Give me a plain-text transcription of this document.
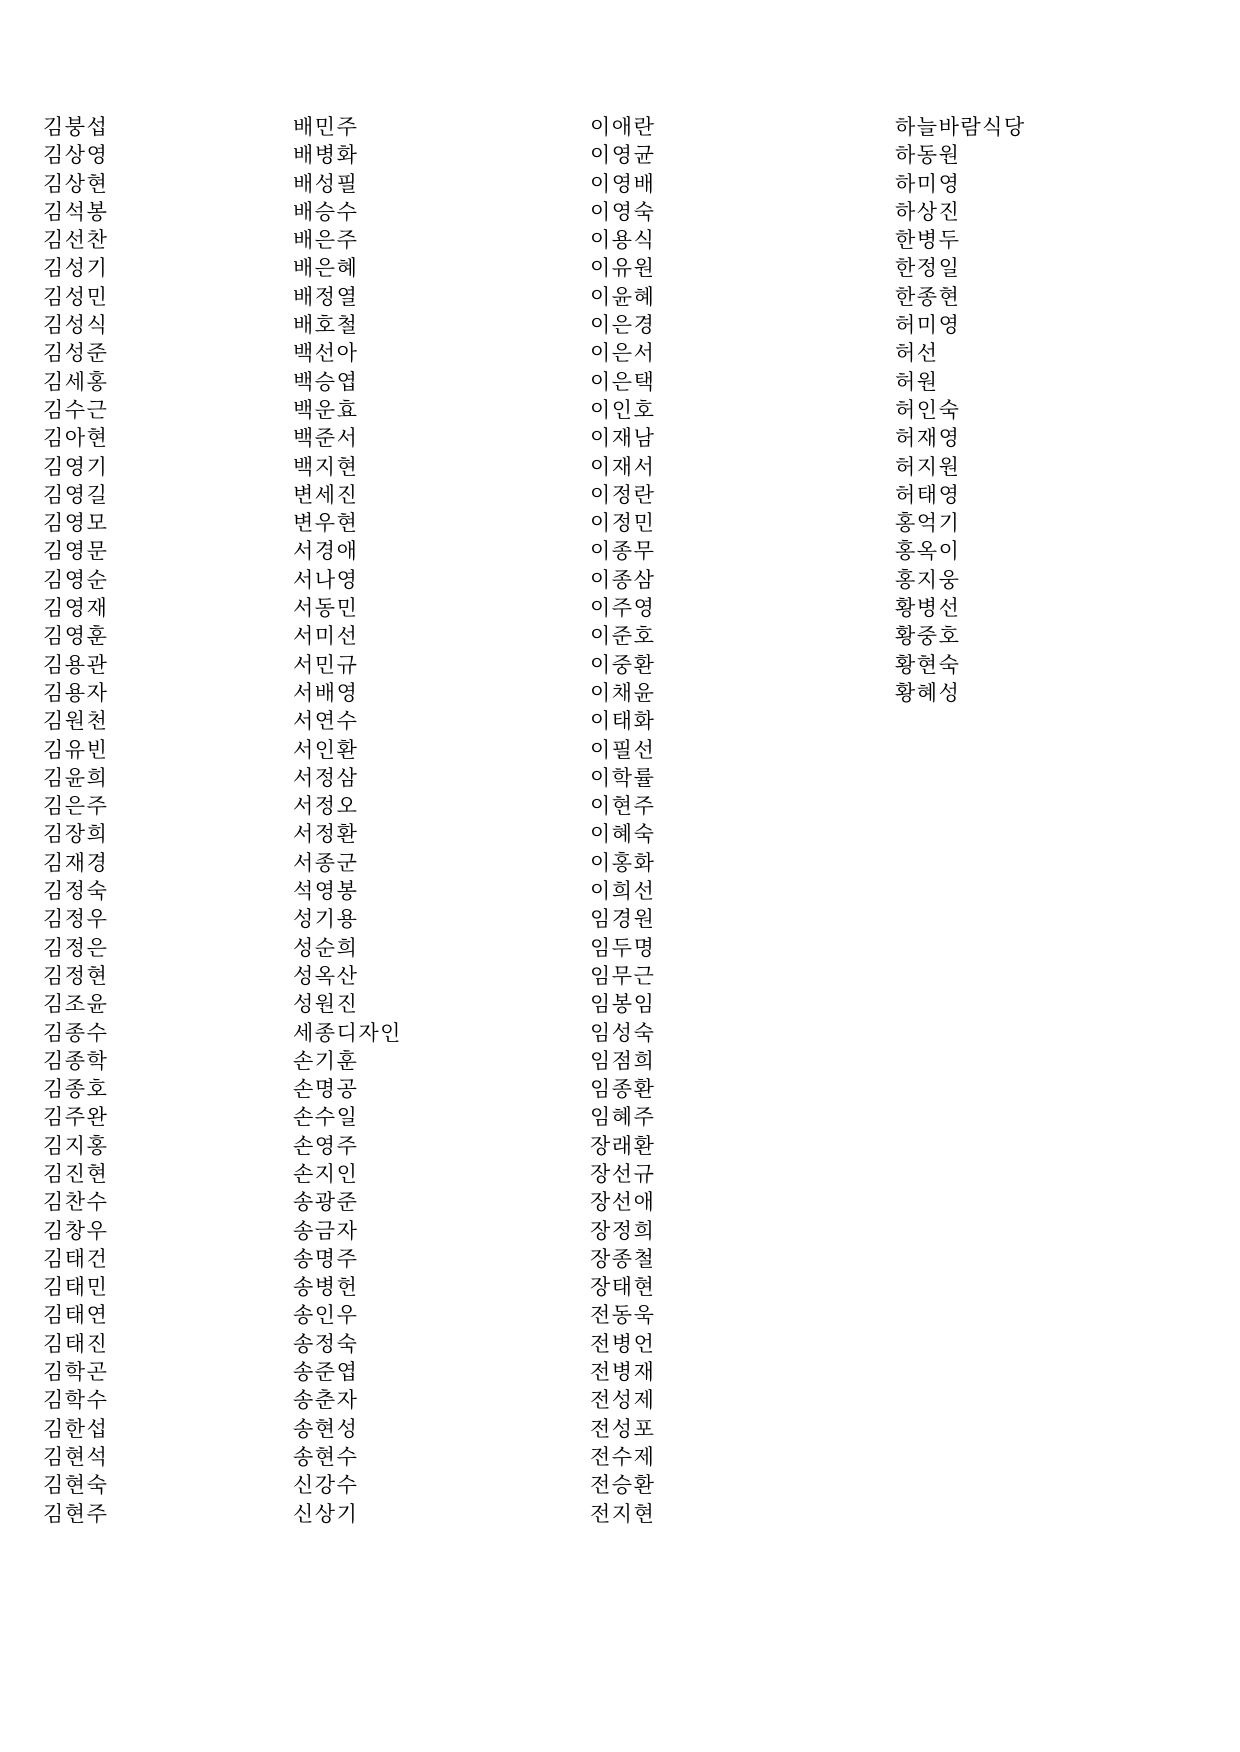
김붕섭
김상영
김상현
김석봉
김선찬
김성기
김성민
김성식
김성준
김세홍
김수근
김아현
김영기
김영길
김영모
김영문
김영순
김영재
김영훈
김용관
김용자
김원천
김유빈
김윤희
김은주
김장희
김재경
김정숙
김정우
김정은
김정현
김조윤
김종수
김종학
김종호
김주완
김지홍
김진현
김찬수
김창우
김태건
김태민
김태연
김태진
김학곤
김학수
김한섭
김현석
김현숙
김현주
배민주
배병화
배성필
배승수
배은주
배은혜
배정열
배호철
백선아
백승엽
백운효
백준서
백지현
변세진
변우현
서경애
서나영
서동민
서미선
서민규
서배영
서연수
서인환
서정삼
서정오
서정환
서종군
석영봉
성기용
성순희
성옥산
성원진
세종디자인
손기훈
손명공
손수일
손영주
손지인
송광준
송금자
송명주
송병헌
송인우
송정숙
송준엽
송춘자
송현성
송현수
신강수
신상기
이애란
이영균
이영배
이영숙
이용식
이유원
이윤혜
이은경
이은서
이은택
이인호
이재남
이재서
이정란
이정민
이종무
이종삼
이주영
이준호
이중환
이채윤
이태화
이필선
이학률
이현주
이혜숙
이홍화
이희선
임경원
임두명
임무근
임봉임
임성숙
임점희
임종환
임혜주
장래환
장선규
장선애
장정희
장종철
장태현
전동욱
전병언
전병재
전성제
전성포
전수제
전승환
전지현
하늘바람식당
하동원
하미영
하상진
한병두
한정일
한종현
허미영
허선
허원
허인숙
허재영
허지원
허태영
홍억기
홍옥이
홍지웅
황병선
황중호
황현숙
황혜성
